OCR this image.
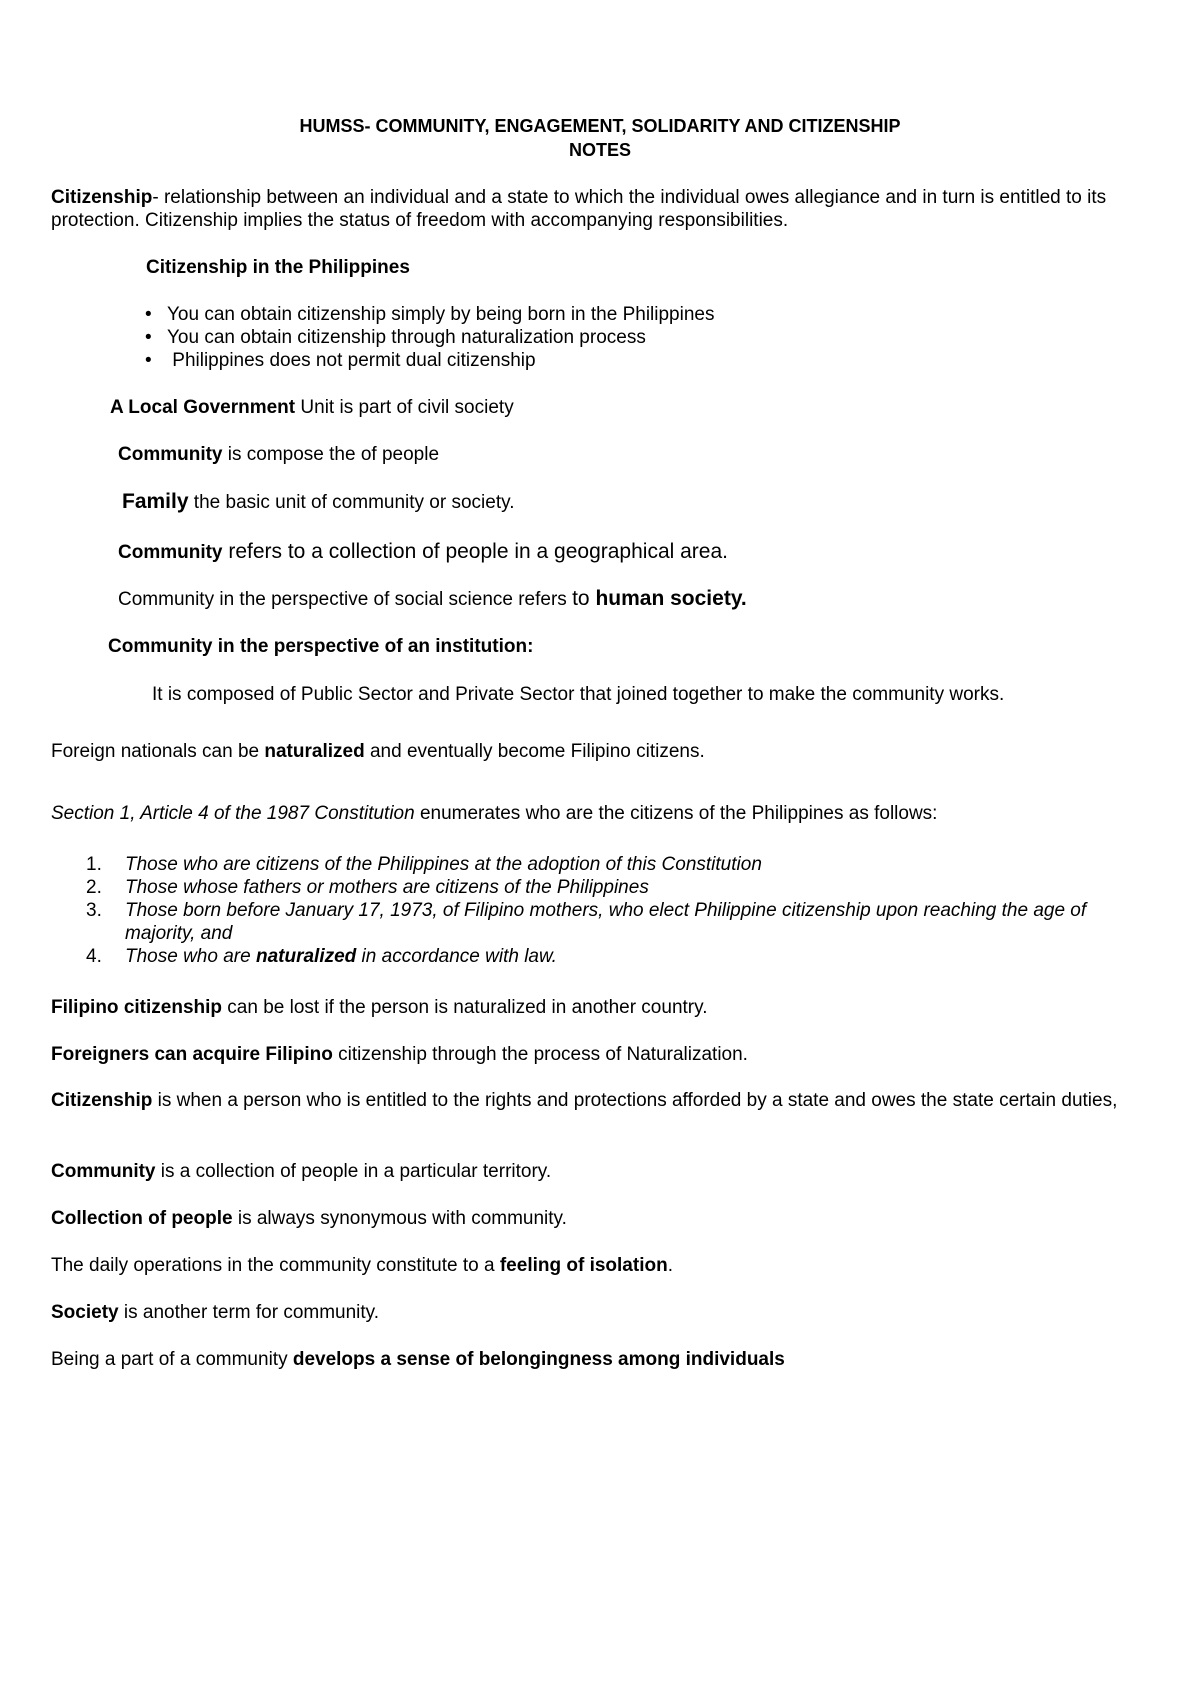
HUMSS- COMMUNITY, ENGAGEMENT, SOLIDARITY AND CITIZENSHIP
NOTES

Citizenship- relationship between an individual and a state to which the individual owes allegiance and in turn is entitled to its protection. Citizenship implies the status of freedom with accompanying responsibilities.

Citizenship in the Philippines
• You can obtain citizenship simply by being born in the Philippines
• You can obtain citizenship through naturalization process
• Philippines does not permit dual citizenship

A Local Government Unit is part of civil society

Community is compose the of people

Family the basic unit of community or society.

Community refers to a collection of people in a geographical area.

Community in the perspective of social science refers to human society.

Community in the perspective of an institution:

It is composed of Public Sector and Private Sector that joined together to make the community works.

Foreign nationals can be naturalized and eventually become Filipino citizens.

Section 1, Article 4 of the 1987 Constitution enumerates who are the citizens of the Philippines as follows:

1. Those who are citizens of the Philippines at the adoption of this Constitution
2. Those whose fathers or mothers are citizens of the Philippines
3. Those born before January 17, 1973, of Filipino mothers, who elect Philippine citizenship upon reaching the age of majority, and
4. Those who are naturalized in accordance with law.

Filipino citizenship can be lost if the person is naturalized in another country.

Foreigners can acquire Filipino citizenship through the process of Naturalization.

Citizenship is when a person who is entitled to the rights and protections afforded by a state and owes the state certain duties,

Community is a collection of people in a particular territory.

Collection of people is always synonymous with community.

The daily operations in the community constitute to a feeling of isolation.

Society is another term for community.

Being a part of a community develops a sense of belongingness among individuals
